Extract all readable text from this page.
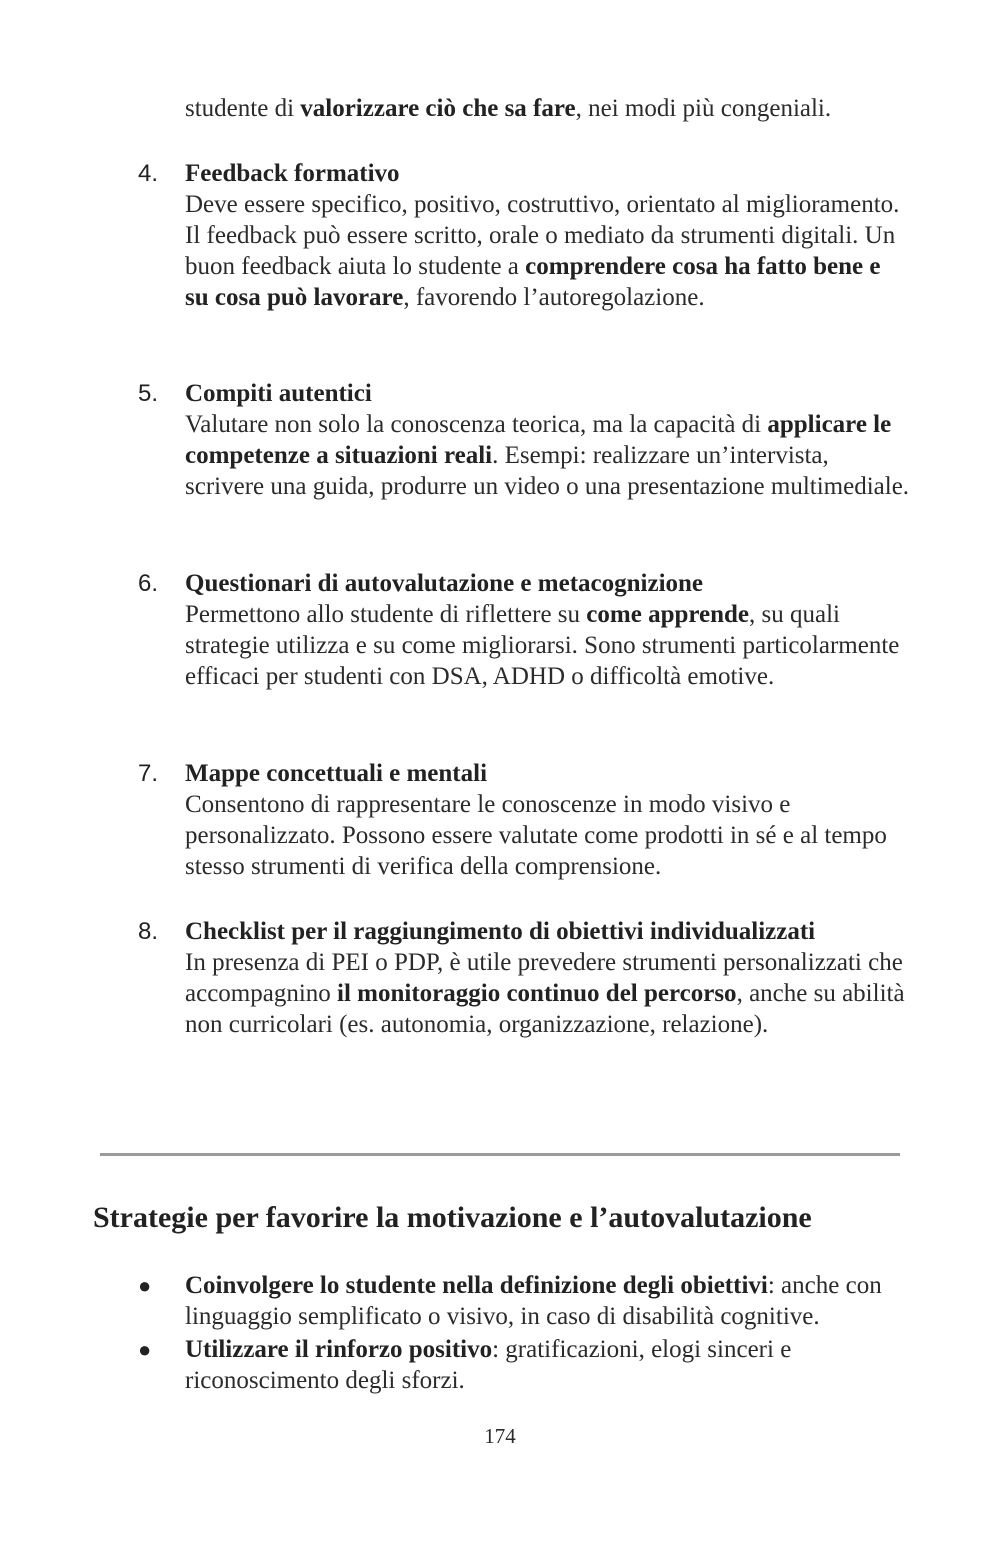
studente di valorizzare ciò che sa fare, nei modi più congeniali.
4.	Feedback formativo
Deve essere specifico, positivo, costruttivo, orientato al miglioramento. Il feedback può essere scritto, orale o mediato da strumenti digitali. Un buon feedback aiuta lo studente a comprendere cosa ha fatto bene e su cosa può lavorare, favorendo l’autoregolazione.
5.	Compiti autentici
Valutare non solo la conoscenza teorica, ma la capacità di applicare le competenze a situazioni reali. Esempi: realizzare un’intervista, scrivere una guida, produrre un video o una presentazione multimediale.
6.	Questionari di autovalutazione e metacognizione
Permettono allo studente di riflettere su come apprende, su quali strategie utilizza e su come migliorarsi. Sono strumenti particolarmente efficaci per studenti con DSA, ADHD o difficoltà emotive.
7.	Mappe concettuali e mentali
Consentono di rappresentare le conoscenze in modo visivo e personalizzato. Possono essere valutate come prodotti in sé e al tempo stesso strumenti di verifica della comprensione.
8.	Checklist per il raggiungimento di obiettivi individualizzati
In presenza di PEI o PDP, è utile prevedere strumenti personalizzati che accompagnino il monitoraggio continuo del percorso, anche su abilità non curricolari (es. autonomia, organizzazione, relazione).
Strategie per favorire la motivazione e l’autovalutazione
● Coinvolgere lo studente nella definizione degli obiettivi: anche con linguaggio semplificato o visivo, in caso di disabilità cognitive.
● Utilizzare il rinforzo positivo: gratificazioni, elogi sinceri e riconoscimento degli sforzi.
174
